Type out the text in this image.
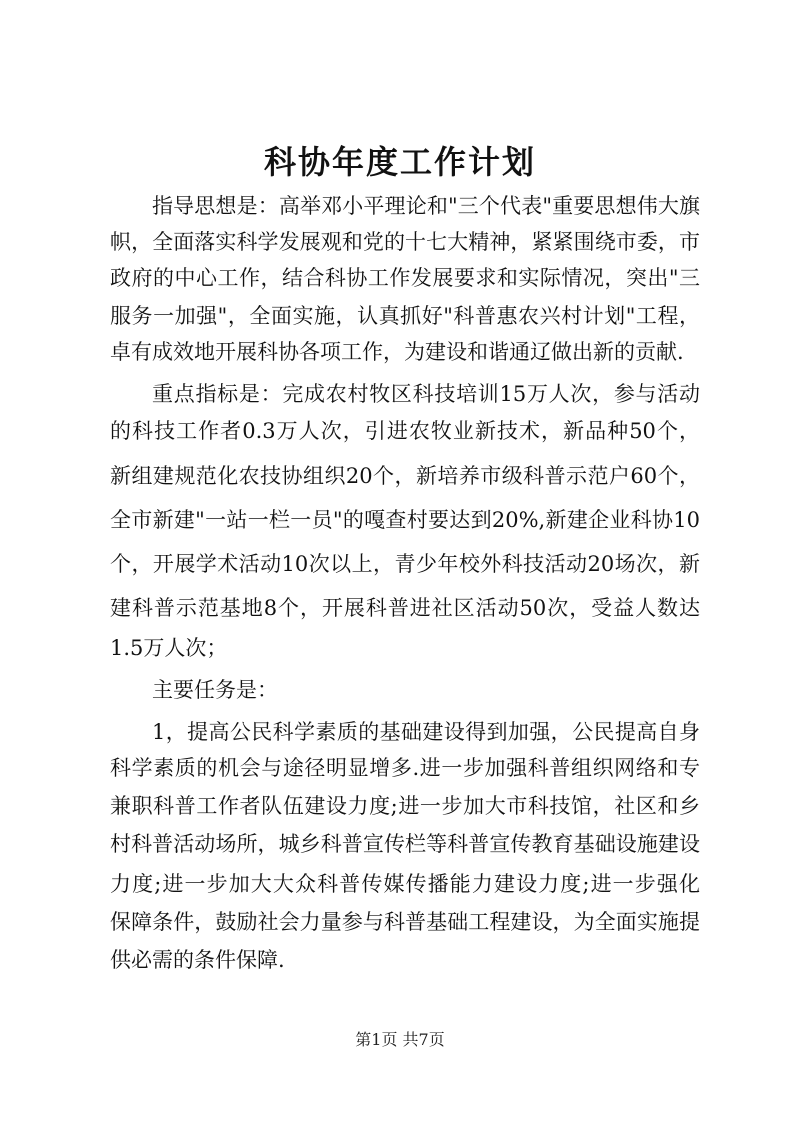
科协年度工作计划
指导思想是：高举邓小平理论和"三个代表"重要思想伟大旗
帜，全面落实科学发展观和党的十七大精神，紧紧围绕市委，市
政府的中心工作，结合科协工作发展要求和实际情况，突出"三
服务一加强"，全面实施，认真抓好"科普惠农兴村计划"工程，
卓有成效地开展科协各项工作，为建设和谐通辽做出新的贡献.
重点指标是：完成农村牧区科技培训15万人次，参与活动
的科技工作者0.3万人次，引进农牧业新技术，新品种50个，
新组建规范化农技协组织20个，新培养市级科普示范户60个，
全市新建"一站一栏一员"的嘎查村要达到20%,新建企业科协10
个，开展学术活动10次以上，青少年校外科技活动20场次，新
建科普示范基地8个，开展科普进社区活动50次，受益人数达
1.5万人次；
主要任务是：
1，提高公民科学素质的基础建设得到加强，公民提高自身
科学素质的机会与途径明显增多.进一步加强科普组织网络和专
兼职科普工作者队伍建设力度;进一步加大市科技馆，社区和乡
村科普活动场所，城乡科普宣传栏等科普宣传教育基础设施建设
力度;进一步加大大众科普传媒传播能力建设力度;进一步强化
保障条件，鼓励社会力量参与科普基础工程建设，为全面实施提
供必需的条件保障.
第1页 共7页
